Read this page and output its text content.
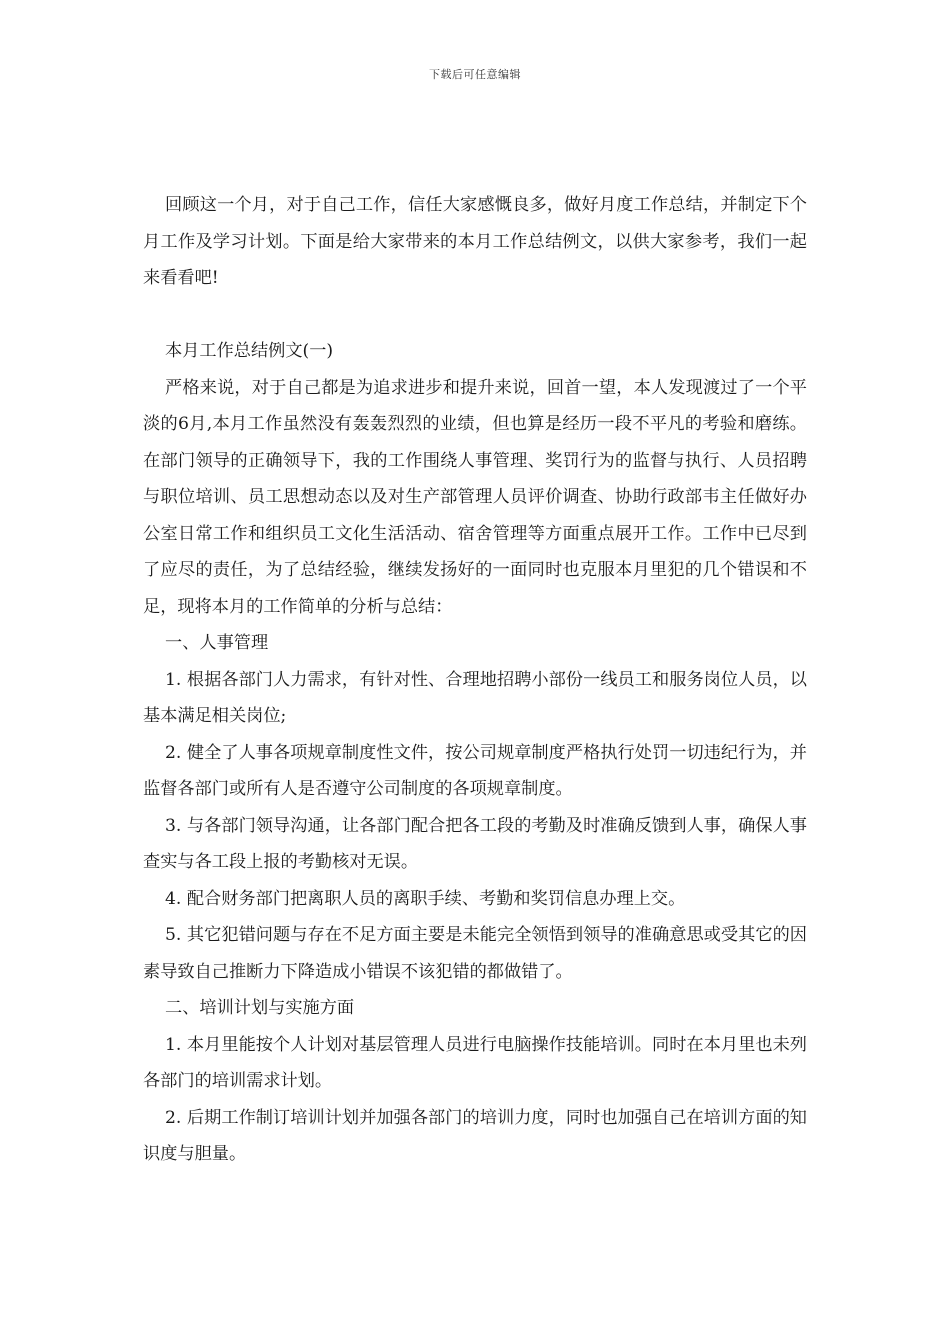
下载后可任意编辑

回顾这一个月，对于自己工作，信任大家感慨良多，做好月度工作总结，并制定下个月工作及学习计划。下面是给大家带来的本月工作总结例文，以供大家参考，我们一起来看看吧!

本月工作总结例文(一)

严格来说，对于自己都是为追求进步和提升来说，回首一望，本人发现渡过了一个平淡的6月,本月工作虽然没有轰轰烈烈的业绩，但也算是经历一段不平凡的考验和磨练。在部门领导的正确领导下，我的工作围绕人事管理、奖罚行为的监督与执行、人员招聘与职位培训、员工思想动态以及对生产部管理人员评价调查、协助行政部韦主任做好办公室日常工作和组织员工文化生活活动、宿舍管理等方面重点展开工作。工作中已尽到了应尽的责任，为了总结经验，继续发扬好的一面同时也克服本月里犯的几个错误和不足，现将本月的工作简单的分析与总结：

一、人事管理

1. 根据各部门人力需求，有针对性、合理地招聘小部份一线员工和服务岗位人员，以基本满足相关岗位;

2. 健全了人事各项规章制度性文件，按公司规章制度严格执行处罚一切违纪行为，并监督各部门或所有人是否遵守公司制度的各项规章制度。

3. 与各部门领导沟通，让各部门配合把各工段的考勤及时准确反馈到人事，确保人事查实与各工段上报的考勤核对无误。

4. 配合财务部门把离职人员的离职手续、考勤和奖罚信息办理上交。

5. 其它犯错问题与存在不足方面主要是未能完全领悟到领导的准确意思或受其它的因素导致自己推断力下降造成小错误不该犯错的都做错了。

二、培训计划与实施方面

1. 本月里能按个人计划对基层管理人员进行电脑操作技能培训。同时在本月里也未列各部门的培训需求计划。

2. 后期工作制订培训计划并加强各部门的培训力度，同时也加强自己在培训方面的知识度与胆量。
